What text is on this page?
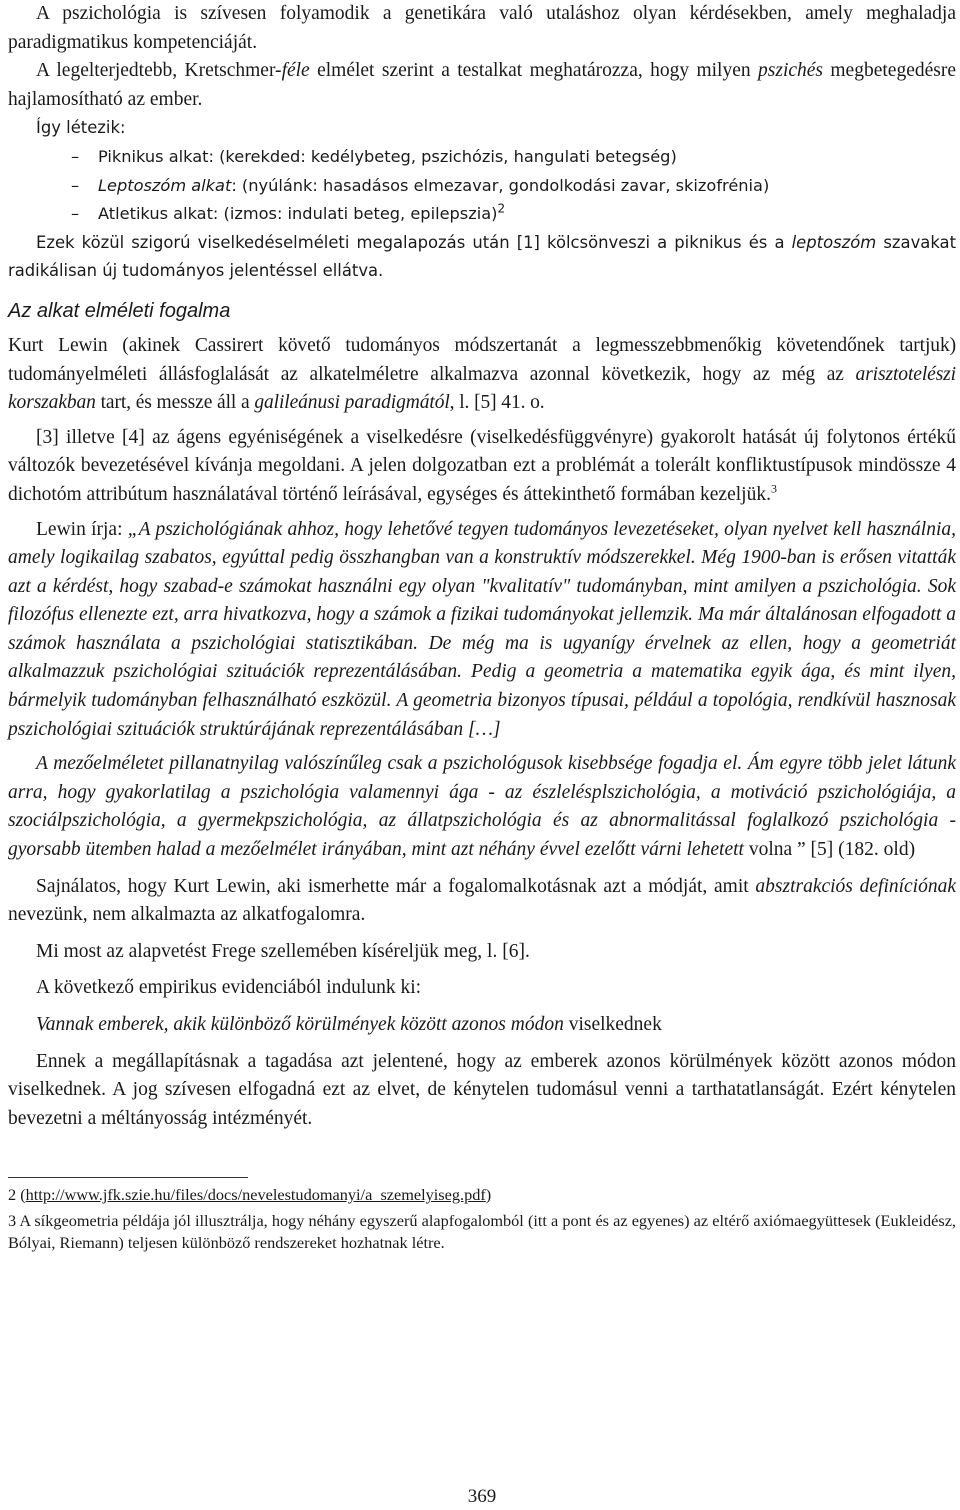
A pszichológia is szívesen folyamodik a genetikára való utaláshoz olyan kérdésekben, amely meghaladja paradigmatikus kompetenciáját.

A legelterjedtebb, Kretschmer-féle elmélet szerint a testalkat meghatározza, hogy milyen pszichés megbetegedésre hajlamosítható az ember.

Így létezik:

– Piknikus alkat: (kerekded: kedélybeteg, pszichózis, hangulati betegség)
– Leptoszóm alkat: (nyúlánk: hasadásos elmezavar, gondolkodási zavar, skizofrénia)
– Atletikus alkat: (izmos: indulati beteg, epilepszia)$^2$

Ezek közül szigorú viselkedéselméleti megalapozás után [1] kölcsönveszi a piknikus és a leptoszóm szavakat radikálisan új tudományos jelentéssel ellátva.

Az alkat elméleti fogalma

Kurt Lewin (akinek Cassirert követő tudományos módszertanát a legmesszebbmenőkig követendőnek tartjuk) tudományelméleti állásfoglalását az alkatelméletre alkalmazva azonnal következik, hogy az még az arisztotelészi korszakban tart, és messze áll a galileánusi paradigmától, l. [5] 41. o.

[3] illetve [4] az ágens egyéniségének a viselkedésre (viselkedésfüggvényre) gyakorolt hatását új folytonos értékű változók bevezetésével kívánja megoldani. A jelen dolgozatban ezt a problémát a tolerált konfliktustípusok mindössze 4 dichotóm attribútum használatával történő leírásával, egységes és áttekinthető formában kezeljük.$^3$

Lewin írja: „A pszichológiának ahhoz, hogy lehetővé tegyen tudományos levezetéseket, olyan nyelvet kell használnia, amely logikailag szabatos, egyúttal pedig összhangban van a konstruktív módszerekkel. Még 1900-ban is erősen vitatták azt a kérdést, hogy szabad-e számokat használni egy olyan "kvalitatív" tudományban, mint amilyen a pszichológia. Sok filozófus ellenezte ezt, arra hivatkozva, hogy a számok a fizikai tudományokat jellemzik. Ma már általánosan elfogadott a számok használata a pszichológiai statisztikában. De még ma is ugyanígy érvelnek az ellen, hogy a geometriát alkalmazzuk pszichológiai szituációk reprezentálásában. Pedig a geometria a matematika egyik ága, és mint ilyen, bármelyik tudományban felhasználható eszközül. A geometria bizonyos típusai, például a topológia, rendkívül hasznosak pszichológiai szituációk struktúrájának reprezentálásában […]

A mezőelméletet pillanatnyilag valószínűleg csak a pszichológusok kisebbsége fogadja el. Ám egyre több jelet látunk arra, hogy gyakorlatilag a pszichológia valamennyi ága - az észlelésplszichológia, a motiváció pszichológiája, a szociálpszichológia, a gyermekpszichológia, az állatpszichológia és az abnormalitással foglalkozó pszichológia - gyorsabb ütemben halad a mezőelmélet irányában, mint azt néhány évvel ezelőtt várni lehetett volna ” [5] (182. old)

Sajnálatos, hogy Kurt Lewin, aki ismerhette már a fogalomalkotásnak azt a módját, amit absztrakciós definíciónak nevezünk, nem alkalmazta az alkatfogalomra.

Mi most az alapvetést Frege szellemében kíséreljük meg, l. [6].

A következő empirikus evidenciából indulunk ki:

Vannak emberek, akik különböző körülmények között azonos módon viselkednek

Ennek a megállapításnak a tagadása azt jelentené, hogy az emberek azonos körülmények között azonos módon viselkednek. A jog szívesen elfogadná ezt az elvet, de kénytelen tudomásul venni a tarthatatlanságát. Ezért kénytelen bevezetni a méltányosság intézményét.

2 (http://www.jfk.szie.hu/files/docs/nevelestudomanyi/a_szemelyiseg.pdf)

3 A síkgeometria példája jól illusztrálja, hogy néhány egyszerű alapfogalomból (itt a pont és az egyenes) az eltérő axiómaegyüttesek (Eukleidész, Bólyai, Riemann) teljesen különböző rendszereket hozhatnak létre.

369
